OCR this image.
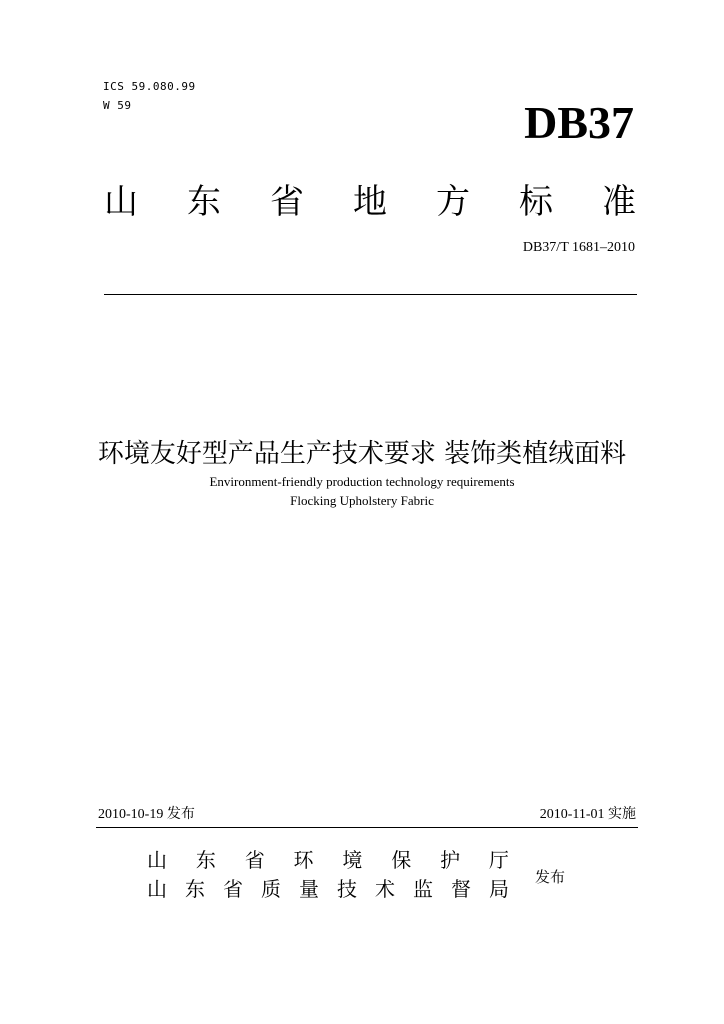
ICS 59.080.99
W 59	DB37
山 东 省 地 方 标 准
DB37/T 1681–2010
环境友好型产品生产技术要求 装饰类植绒面料
Environment-friendly production technology requirements
Flocking Upholstery Fabric
2010-10-19 发布	2010-11-01 实施
山 东 省 环 境 保 护 厅
山 东 省 质 量 技 术 监 督 局 发布
